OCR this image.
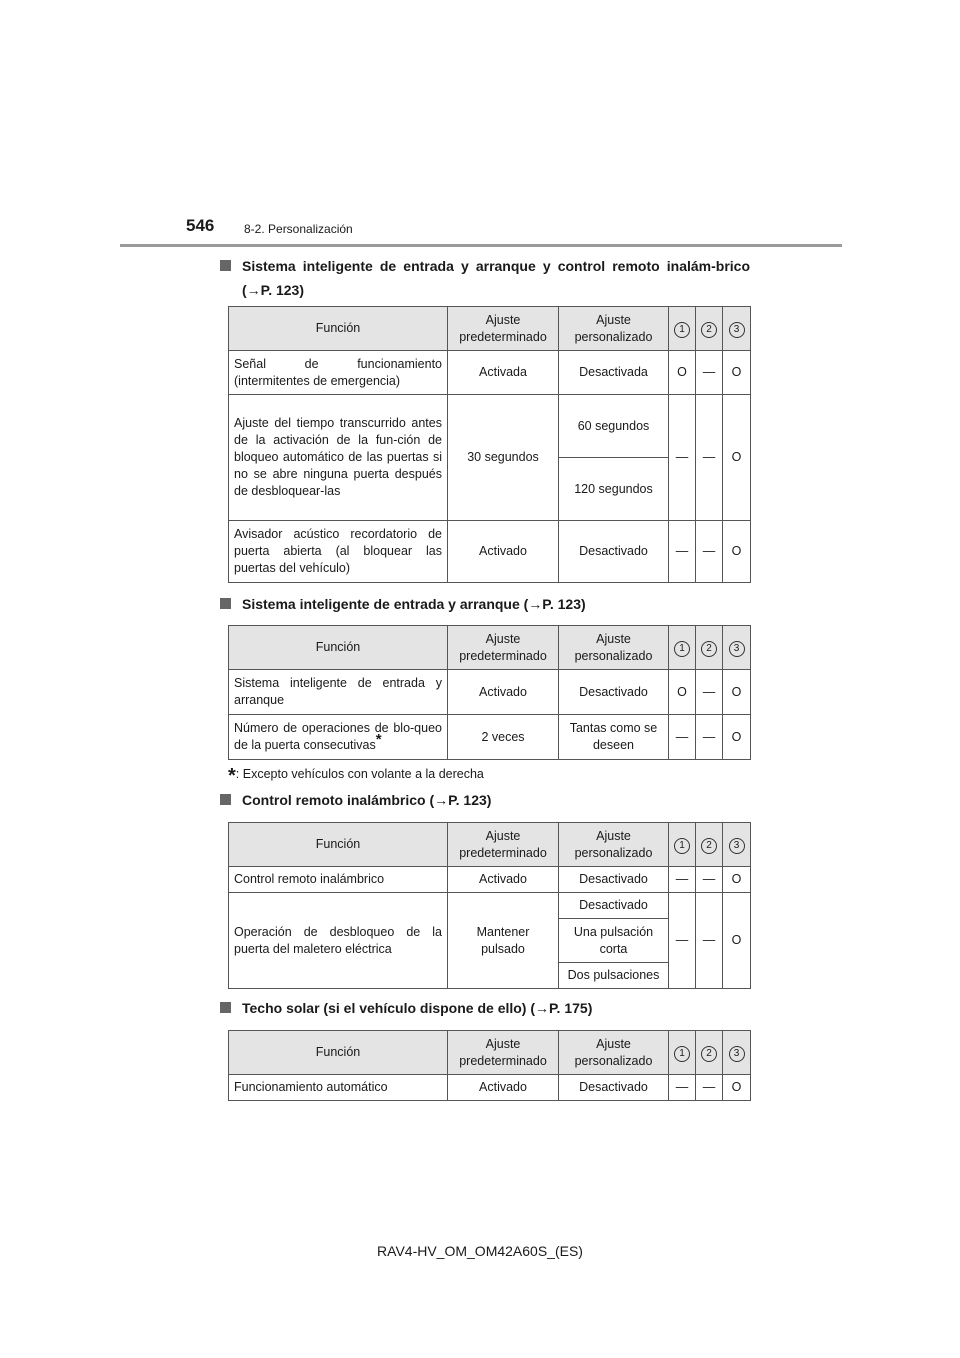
546 8-2. Personalización
Sistema inteligente de entrada y arranque y control remoto inalám-brico (→P. 123)
Función	Ajuste predeterminado	Ajuste personalizado	1	2	3
Señal de funcionamiento (intermitentes de emergencia)	Activada	Desactivada	O	—	O
Ajuste del tiempo transcurrido antes de la activación de la fun-ción de bloqueo automático de las puertas si no se abre ninguna puerta después de desbloquear-las	30 segundos	60 segundos	—	—	O
		120 segundos			
Avisador acústico recordatorio de puerta abierta (al bloquear las puertas del vehículo)	Activado	Desactivado	—	—	O
Sistema inteligente de entrada y arranque (→P. 123)
Función	Ajuste predeterminado	Ajuste personalizado	1	2	3
Sistema inteligente de entrada y arranque	Activado	Desactivado	O	—	O
Número de operaciones de blo-queo de la puerta consecutivas*	2 veces	Tantas como se deseen	—	—	O
*: Excepto vehículos con volante a la derecha
Control remoto inalámbrico (→P. 123)
Función	Ajuste predeterminado	Ajuste personalizado	1	2	3
Control remoto inalámbrico	Activado	Desactivado	—	—	O
Operación de desbloqueo de la puerta del maletero eléctrica	Mantener pulsado	Desactivado	—	—	O
		Una pulsación corta			
		Dos pulsaciones			
Techo solar (si el vehículo dispone de ello) (→P. 175)
Función	Ajuste predeterminado	Ajuste personalizado	1	2	3
Funcionamiento automático	Activado	Desactivado	—	—	O
RAV4-HV_OM_OM42A60S_(ES)
